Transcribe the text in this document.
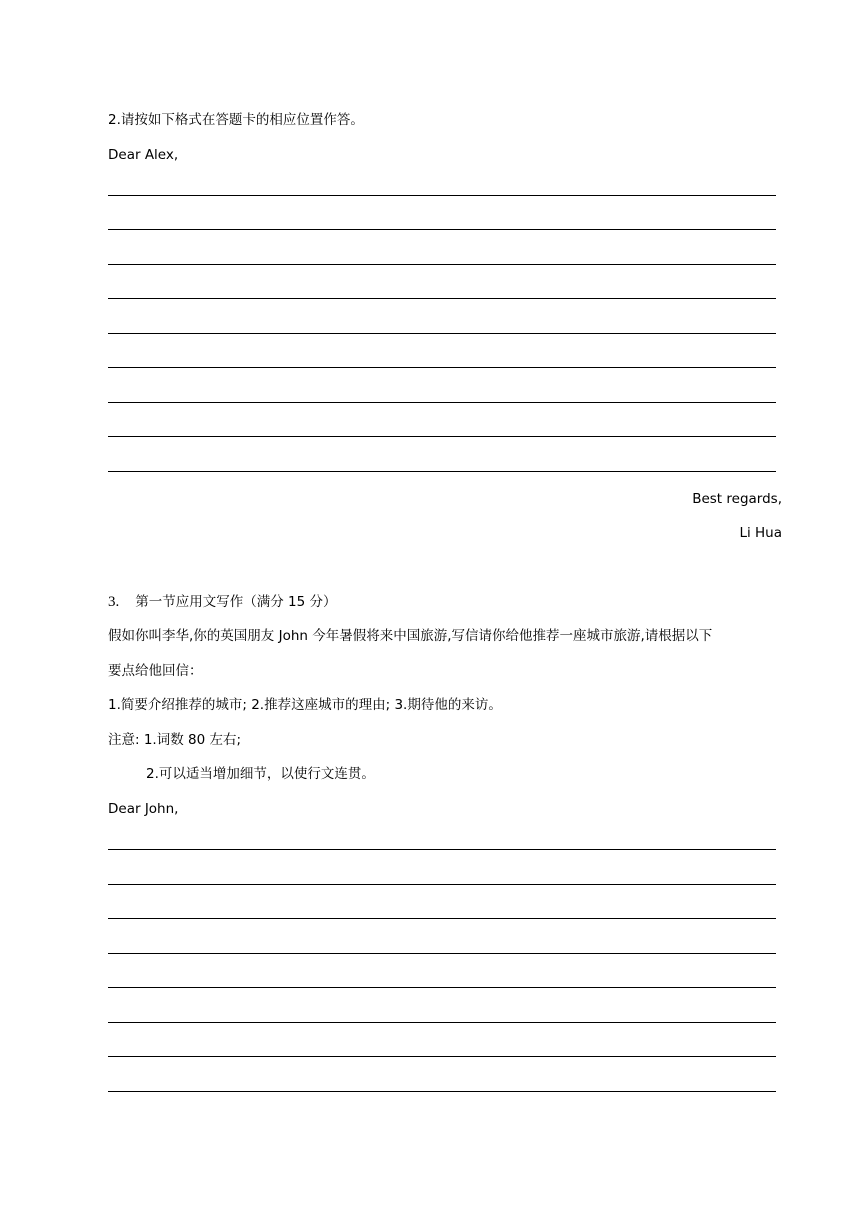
2.请按如下格式在答题卡的相应位置作答。
Dear Alex,
Best regards,
Li Hua
3. 第一节应用文写作（满分 15 分）
假如你叫李华,你的英国朋友 John 今年暑假将来中国旅游,写信请你给他推荐一座城市旅游,请根据以下
要点给他回信：
1.简要介绍推荐的城市; 2.推荐这座城市的理由; 3.期待他的来访。
注意: 1.词数 80 左右;
2.可以适当增加细节，以使行文连贯。
Dear John,
